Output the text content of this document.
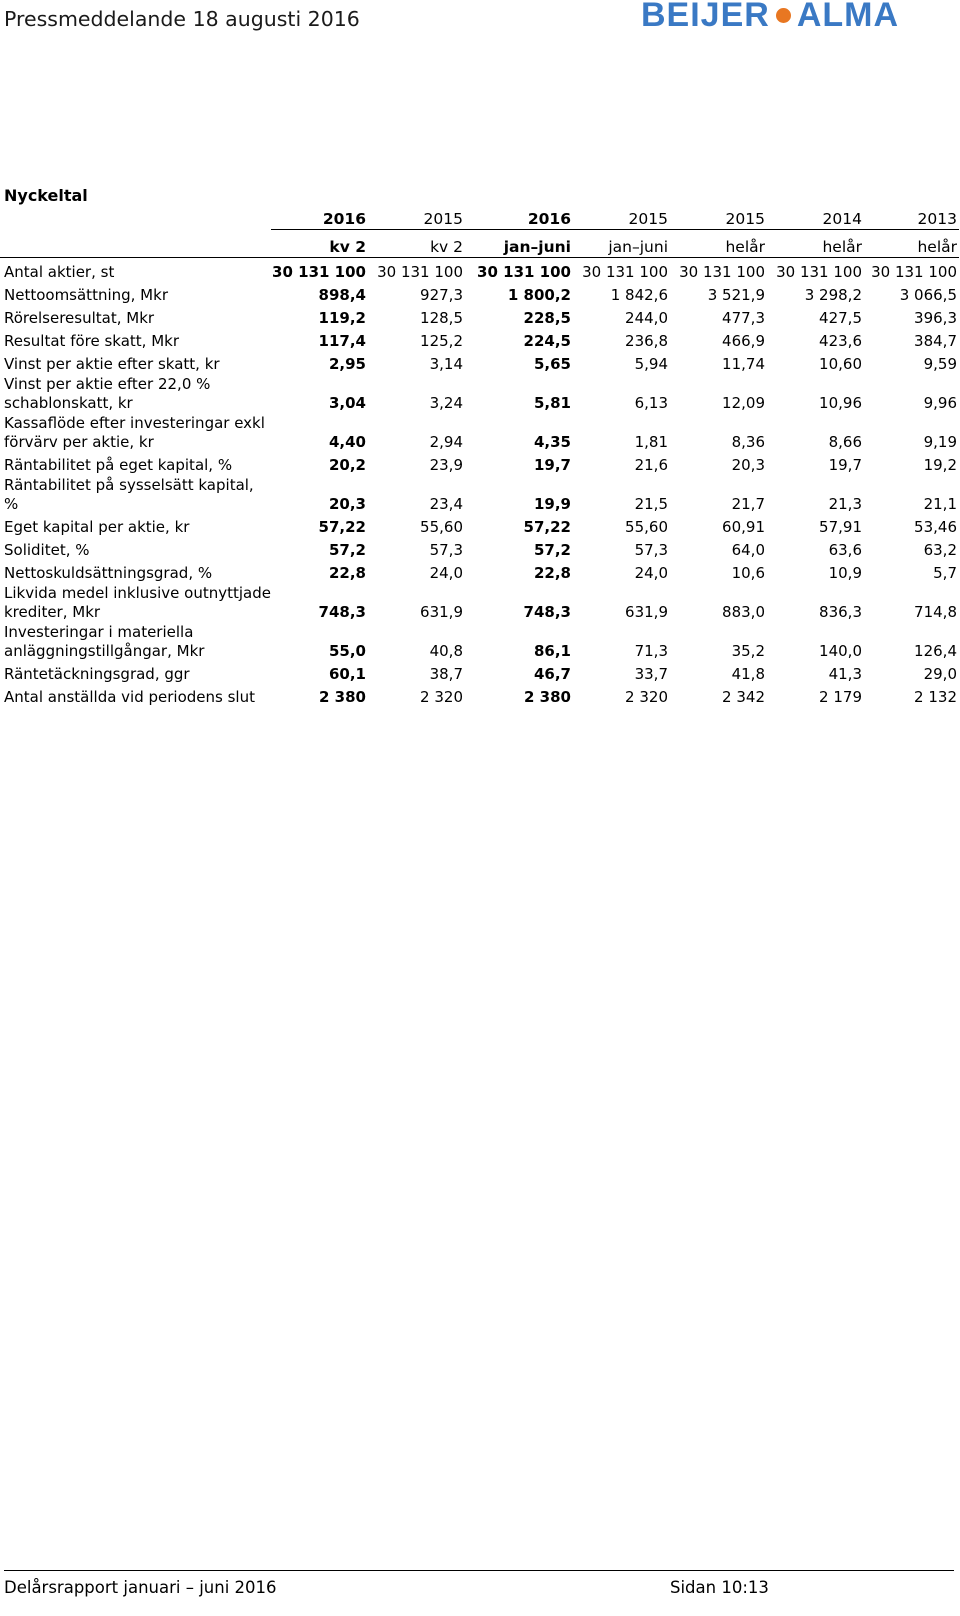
Pressmeddelande 18 augusti 2016	BEIJER ALMA
Nyckeltal
	2016	2015	2016	2015	2015	2014	2013
	kv 2	kv 2	jan–juni	jan–juni	helår	helår	helår
Antal aktier, st	30 131 100	30 131 100	30 131 100	30 131 100	30 131 100	30 131 100	30 131 100
Nettoomsättning, Mkr	898,4	927,3	1 800,2	1 842,6	3 521,9	3 298,2	3 066,5
Rörelseresultat, Mkr	119,2	128,5	228,5	244,0	477,3	427,5	396,3
Resultat före skatt, Mkr	117,4	125,2	224,5	236,8	466,9	423,6	384,7
Vinst per aktie efter skatt, kr	2,95	3,14	5,65	5,94	11,74	10,60	9,59
Vinst per aktie efter 22,0 % schablonskatt, kr	3,04	3,24	5,81	6,13	12,09	10,96	9,96
Kassaflöde efter investeringar exkl förvärv per aktie, kr	4,40	2,94	4,35	1,81	8,36	8,66	9,19
Räntabilitet på eget kapital, %	20,2	23,9	19,7	21,6	20,3	19,7	19,2
Räntabilitet på sysselsätt kapital, %	20,3	23,4	19,9	21,5	21,7	21,3	21,1
Eget kapital per aktie, kr	57,22	55,60	57,22	55,60	60,91	57,91	53,46
Soliditet, %	57,2	57,3	57,2	57,3	64,0	63,6	63,2
Nettoskuldsättningsgrad, %	22,8	24,0	22,8	24,0	10,6	10,9	5,7
Likvida medel inklusive outnyttjade krediter, Mkr	748,3	631,9	748,3	631,9	883,0	836,3	714,8
Investeringar i materiella anläggningstillgångar, Mkr	55,0	40,8	86,1	71,3	35,2	140,0	126,4
Räntetäckningsgrad, ggr	60,1	38,7	46,7	33,7	41,8	41,3	29,0
Antal anställda vid periodens slut	2 380	2 320	2 380	2 320	2 342	2 179	2 132
Delårsrapport januari – juni 2016	Sidan 10:13
